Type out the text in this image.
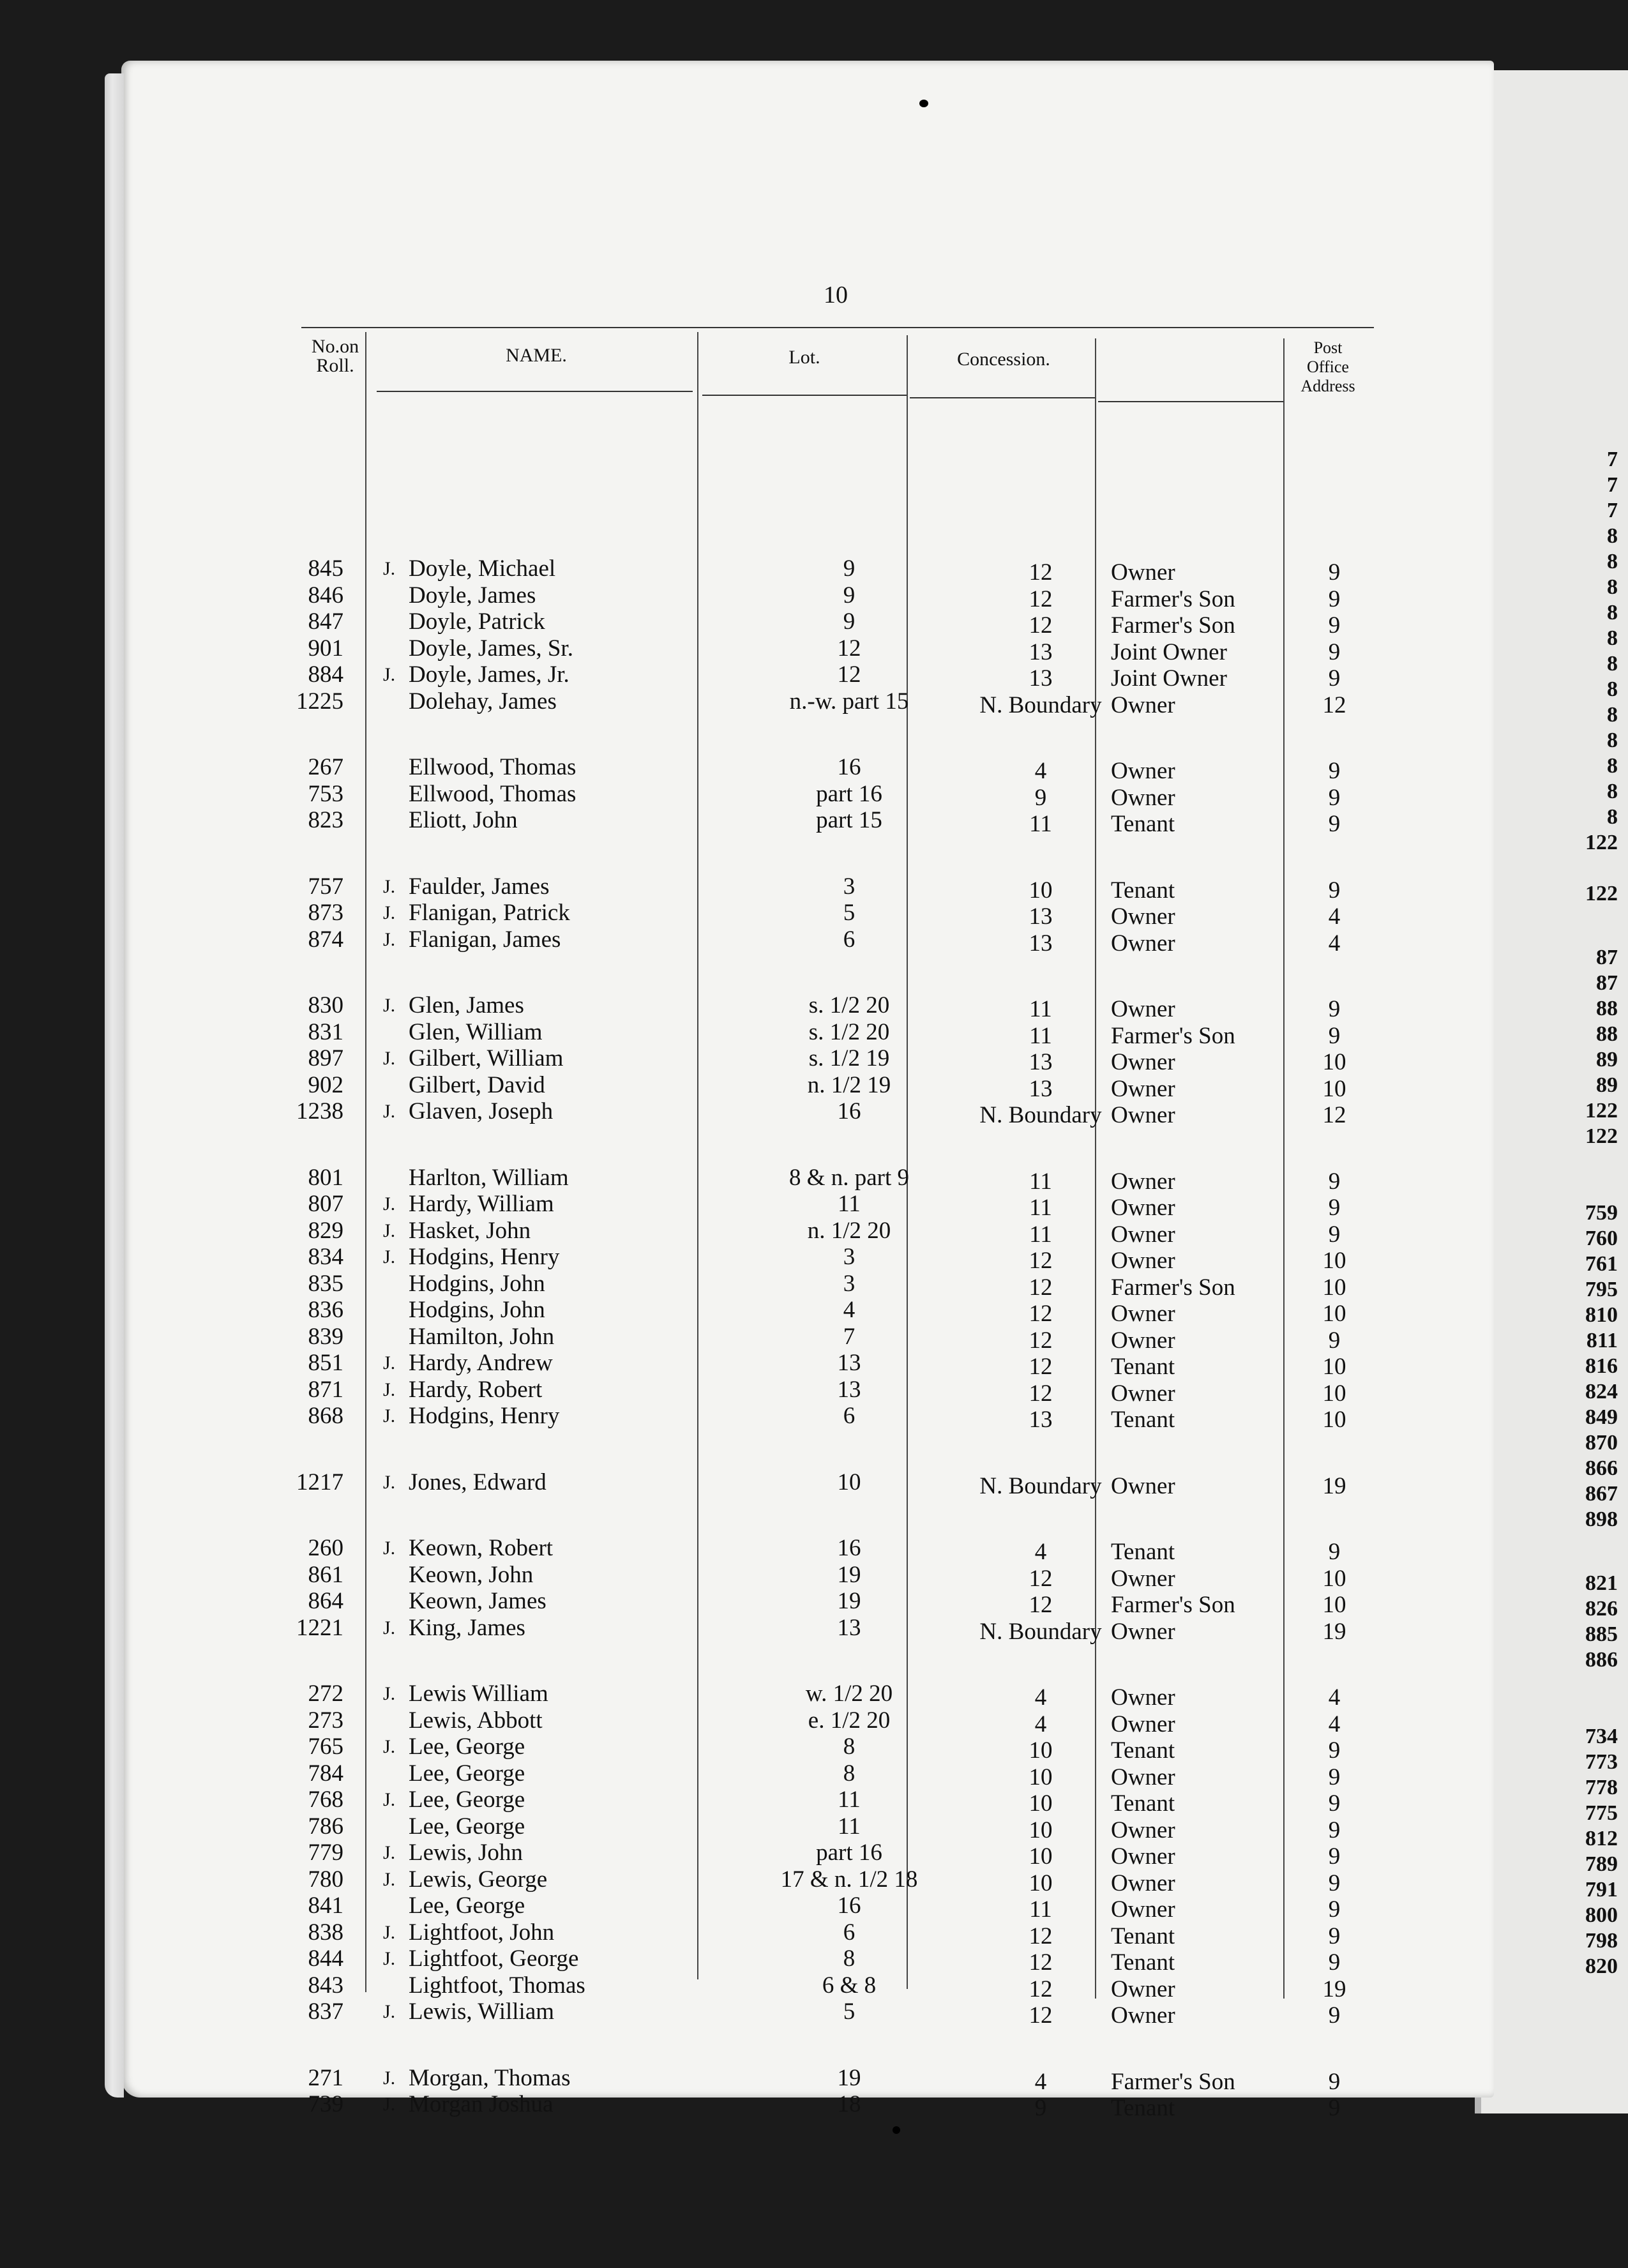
10
No.on
Roll.	NAME.	Lot.	Concession.
Post
Office
Address
845 J. Doyle, Michael	9	12	Owner	9
846	Doyle, James	9	12	Farmer's Son	9
847	Doyle, Patrick	9	12	Farmer's Son	9
901	Doyle, James, Sr.	12	13	Joint Owner	9
884 J. Doyle, James, Jr.	12	13	Joint Owner	9
1225	Dolehay, James	n.-w. part 15	N. Boundary Owner	12
267	Ellwood, Thomas	16	4	Owner	9
753	Ellwood, Thomas	part 16	9	Owner	9
823	Eliott, John	part 15	11	Tenant	9
757 J. Faulder, James	3	10	Tenant	9
873 J. Flanigan, Patrick	5	13	Owner	4
874 J. Flanigan, James	6	13	Owner	4
830 J. Glen, James	s. 1/2 20	11	Owner	9
831	Glen, William	s. 1/2 20	11	Farmer's Son	9
897 J. Gilbert, William	s. 1/2 19	13	Owner	10
902	Gilbert, David	n. 1/2 19	13	Owner	10
1238 J. Glaven, Joseph	16	N. Boundary Owner	12
801	Harlton, William	8 & n. part 9	11	Owner	9
807 J. Hardy, William	11	11	Owner	9
829 J. Hasket, John	n. 1/2 20	11	Owner	9
834 J. Hodgins, Henry	3	12	Owner	10
835	Hodgins, John	3	12	Farmer's Son	10
836	Hodgins, John	4	12	Owner	10
839	Hamilton, John	7	12	Owner	9
851 J. Hardy, Andrew	13	12	Tenant	10
871 J. Hardy, Robert	13	12	Owner	10
868 J. Hodgins, Henry	6	13	Tenant	10
1217 J. Jones, Edward	10	N. Boundary Owner	19
260 J. Keown, Robert	16	4	Tenant	9
861	Keown, John	19	12	Owner	10
864	Keown, James	19	12	Farmer's Son	10
1221 J. King, James	13	N. Boundary Owner	19
272 J. Lewis William	w. 1/2 20	4	Owner	4
273	Lewis, Abbott	e. 1/2 20	4	Owner	4
765 J. Lee, George	8	10	Tenant	9
784	Lee, George	8	10	Owner	9
768 J. Lee, George	11	10	Tenant	9
786	Lee, George	11	10	Owner	9
779 J. Lewis, John	part 16	10	Owner	9
780 J. Lewis, George	17 & n. 1/2 18	10	Owner	9
841	Lee, George	16	11	Owner	9
838 J. Lightfoot, John	6	12	Tenant	9
844 J. Lightfoot, George	8	12	Tenant	9
843	Lightfoot, Thomas	6 & 8	12	Owner	19
837 J. Lewis, William	5	12	Owner	9
271 J. Morgan, Thomas	19	4	Farmer's Son	9
739 J. Morgan Joshua	18	9	Tenant	9
7
7
7
8
8
8
8
8
8
8
8
8
8
8
8
122
122
87
87
88
88
89
89
122
122
759
760
761
795
810
811
816
824
849
870
866
867
898
821
826
885
886
734
773
778
775
812
789
791
800
798
820
